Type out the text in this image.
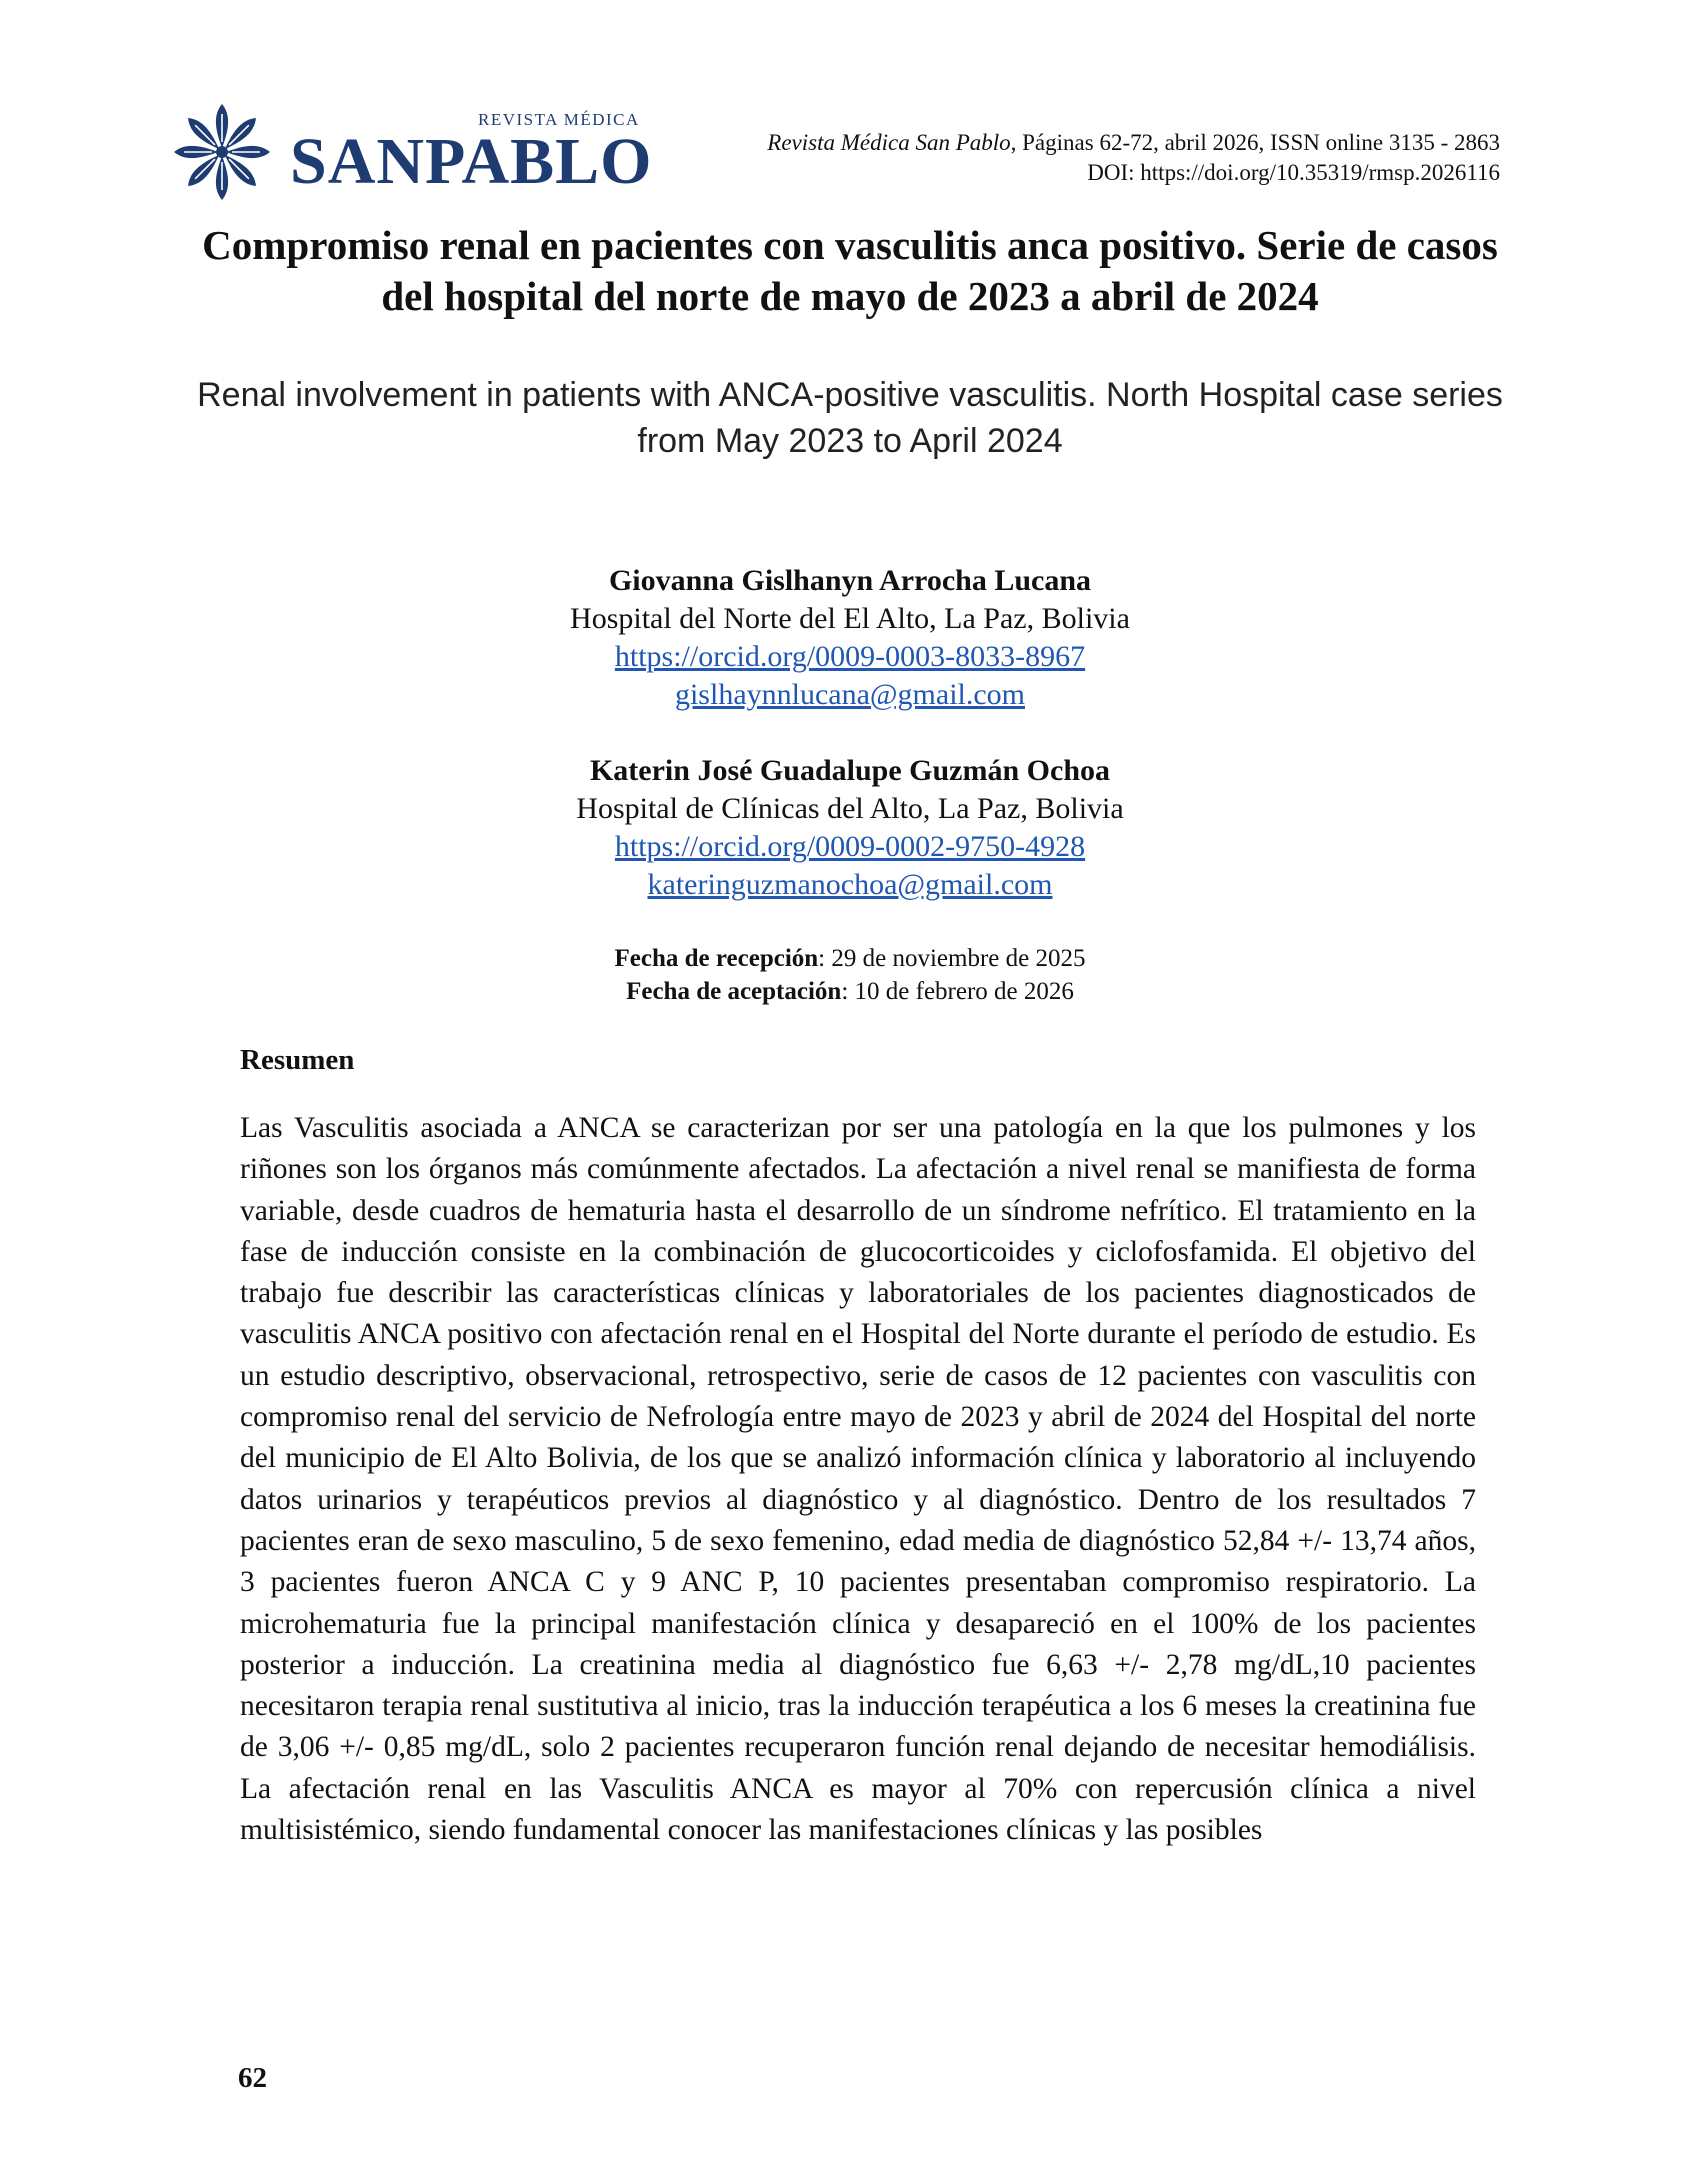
REVISTA MÉDICA
SANPABLO	Revista Médica San Pablo, Páginas 62-72, abril 2026, ISSN online 3135 - 2863
DOI: https://doi.org/10.35319/rmsp.2026116
Compromiso renal en pacientes con vasculitis anca positivo. Serie de casos del hospital del norte de mayo de 2023 a abril de 2024
Renal involvement in patients with ANCA-positive vasculitis. North Hospital case series from May 2023 to April 2024
Giovanna Gislhanyn Arrocha Lucana
Hospital del Norte del El Alto, La Paz, Bolivia
https://orcid.org/0009-0003-8033-8967
gislhaynnlucana@gmail.com
Katerin José Guadalupe Guzmán Ochoa
Hospital de Clínicas del Alto, La Paz, Bolivia
https://orcid.org/0009-0002-9750-4928
kateringuzmanochoa@gmail.com
Fecha de recepción: 29 de noviembre de 2025
Fecha de aceptación: 10 de febrero de 2026
Resumen
Las Vasculitis asociada a ANCA se caracterizan por ser una patología en la que los pulmones y los riñones son los órganos más comúnmente afectados. La afectación a nivel renal se manifiesta de forma variable, desde cuadros de hematuria hasta el desarrollo de un síndrome nefrítico. El tratamiento en la fase de inducción consiste en la combinación de glucocorticoides y ciclofosfamida. El objetivo del trabajo fue describir las características clínicas y laboratoriales de los pacientes diagnosticados de vasculitis ANCA positivo con afectación renal en el Hospital del Norte durante el período de estudio. Es un estudio descriptivo, observacional, retrospectivo, serie de casos de 12 pacientes con vasculitis con compromiso renal del servicio de Nefrología entre mayo de 2023 y abril de 2024 del Hospital del norte del municipio de El Alto Bolivia, de los que se analizó información clínica y laboratorio al incluyendo datos urinarios y terapéuticos previos al diagnóstico y al diagnóstico. Dentro de los resultados 7 pacientes eran de sexo masculino, 5 de sexo femenino, edad media de diagnóstico 52,84 +/- 13,74 años, 3 pacientes fueron ANCA C y 9 ANC P, 10 pacientes presentaban compromiso respiratorio. La microhematuria fue la principal manifestación clínica y desapareció en el 100% de los pacientes posterior a inducción. La creatinina media al diagnóstico fue 6,63 +/- 2,78 mg/dL,10 pacientes necesitaron terapia renal sustitutiva al inicio, tras la inducción terapéutica a los 6 meses la creatinina fue de 3,06 +/- 0,85 mg/dL, solo 2 pacientes recuperaron función renal dejando de necesitar hemodiálisis. La afectación renal en las Vasculitis ANCA es mayor al 70% con repercusión clínica a nivel multisistémico, siendo fundamental conocer las manifestaciones clínicas y las posibles
62
